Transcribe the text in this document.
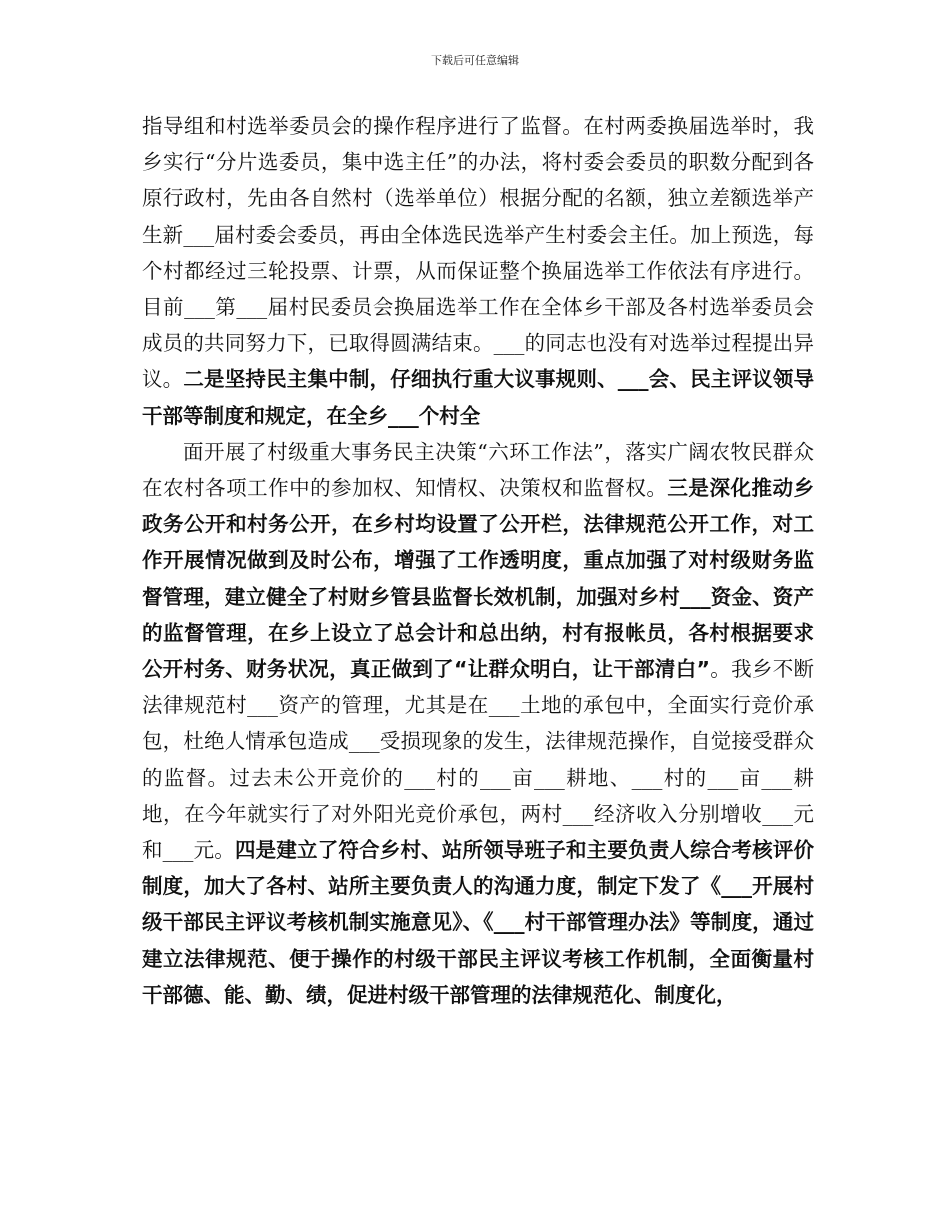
下载后可任意编辑

指导组和村选举委员会的操作程序进行了监督。在村两委换届选举时，我乡实行“分片选委员，集中选主任”的办法，将村委会委员的职数分配到各原行政村，先由各自然村（选举单位）根据分配的名额，独立差额选举产生新___届村委会委员，再由全体选民选举产生村委会主任。加上预选，每个村都经过三轮投票、计票，从而保证整个换届选举工作依法有序进行。目前___第___届村民委员会换届选举工作在全体乡干部及各村选举委员会成员的共同努力下，已取得圆满结束。___的同志也没有对选举过程提出异议。二是坚持民主集中制，仔细执行重大议事规则、___会、民主评议领导干部等制度和规定，在全乡___个村全

面开展了村级重大事务民主决策“六环工作法”，落实广阔农牧民群众在农村各项工作中的参加权、知情权、决策权和监督权。三是深化推动乡政务公开和村务公开，在乡村均设置了公开栏，法律规范公开工作，对工作开展情况做到及时公布，增强了工作透明度，重点加强了对村级财务监督管理，建立健全了村财乡管县监督长效机制，加强对乡村___资金、资产的监督管理，在乡上设立了总会计和总出纳，村有报帐员，各村根据要求公开村务、财务状况，真正做到了“让群众明白，让干部清白”。我乡不断法律规范村___资产的管理，尤其是在___土地的承包中，全面实行竞价承包，杜绝人情承包造成___受损现象的发生，法律规范操作，自觉接受群众的监督。过去未公开竞价的___村的___亩___耕地、___村的___亩___耕地，在今年就实行了对外阳光竞价承包，两村___经济收入分别增收___元和___元。四是建立了符合乡村、站所领导班子和主要负责人综合考核评价制度，加大了各村、站所主要负责人的沟通力度，制定下发了《___开展村级干部民主评议考核机制实施意见》、《___村干部管理办法》等制度，通过建立法律规范、便于操作的村级干部民主评议考核工作机制，全面衡量村干部德、能、勤、绩，促进村级干部管理的法律规范化、制度化，
